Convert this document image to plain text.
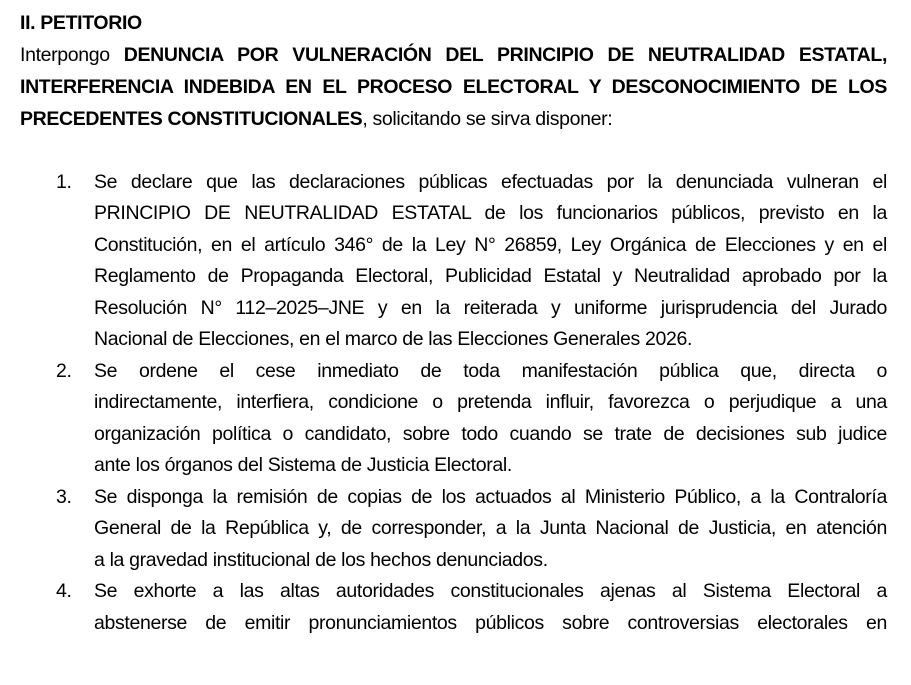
II. PETITORIO
Interpongo DENUNCIA POR VULNERACIÓN DEL PRINCIPIO DE NEUTRALIDAD ESTATAL,
INTERFERENCIA INDEBIDA EN EL PROCESO ELECTORAL Y DESCONOCIMIENTO DE LOS
PRECEDENTES CONSTITUCIONALES, solicitando se sirva disponer:
1. Se declare que las declaraciones públicas efectuadas por la denunciada vulneran el
PRINCIPIO DE NEUTRALIDAD ESTATAL de los funcionarios públicos, previsto en la
Constitución, en el artículo 346° de la Ley N° 26859, Ley Orgánica de Elecciones y en el
Reglamento de Propaganda Electoral, Publicidad Estatal y Neutralidad aprobado por la
Resolución N° 112–2025–JNE y en la reiterada y uniforme jurisprudencia del Jurado
Nacional de Elecciones, en el marco de las Elecciones Generales 2026.
2. Se ordene el cese inmediato de toda manifestación pública que, directa o
indirectamente, interfiera, condicione o pretenda influir, favorezca o perjudique a una
organización política o candidato, sobre todo cuando se trate de decisiones sub judice
ante los órganos del Sistema de Justicia Electoral.
3. Se disponga la remisión de copias de los actuados al Ministerio Público, a la Contraloría
General de la República y, de corresponder, a la Junta Nacional de Justicia, en atención
a la gravedad institucional de los hechos denunciados.
4. Se exhorte a las altas autoridades constitucionales ajenas al Sistema Electoral a
abstenerse de emitir pronunciamientos públicos sobre controversias electorales en
